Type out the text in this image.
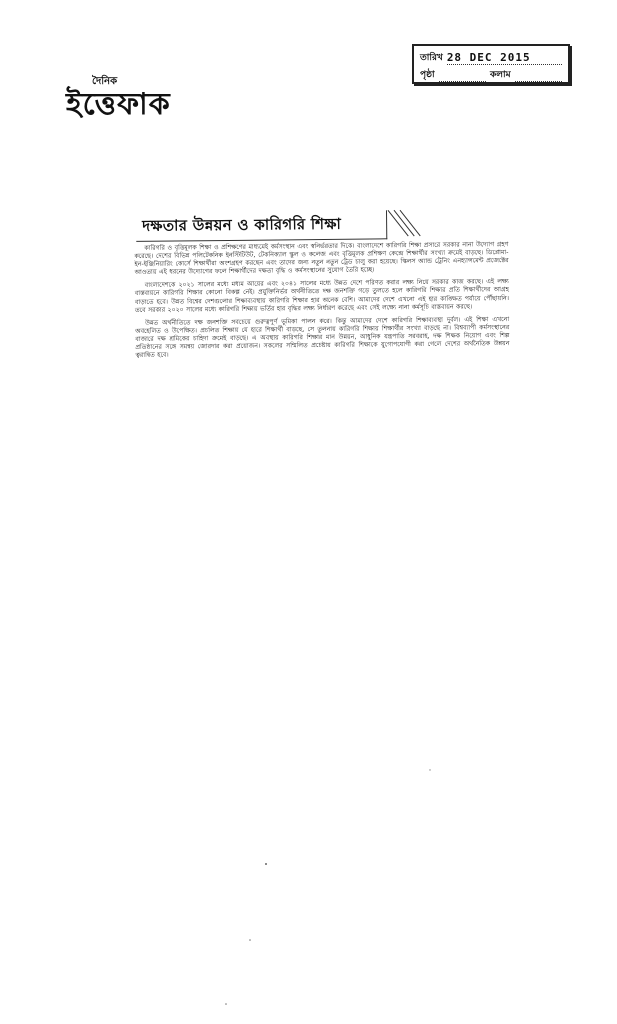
দৈনিক
ইত্তেফাক
তারিখ 28 DEC 2015
পৃষ্ঠা	কলাম
দক্ষতার উন্নয়ন ও কারিগরি শিক্ষা

কারিগরি ও বৃত্তিমূলক শিক্ষা ও প্রশিক্ষণের মাধ্যমেই কর্মসংস্থান এবং স্বনির্ভরতার দিকে। বাংলাদেশে কারিগরি শিক্ষা প্রসারে সরকার নানা উদ্যোগ গ্রহণ করেছে। দেশের বিভিন্ন পলিটেকনিক ইনস্টিটিউট, টেকনিক্যাল স্কুল ও কলেজ এবং বৃত্তিমূলক প্রশিক্ষণ কেন্দ্রে শিক্ষার্থীর সংখ্যা ক্রমেই বাড়ছে। ডিপ্লোমা-ইন-ইঞ্জিনিয়ারিং কোর্সে শিক্ষার্থীরা অংশগ্রহণ করছেন এবং তাদের জন্য নতুন নতুন ট্রেড চালু করা হয়েছে। স্কিলস অ্যান্ড ট্রেনিং এনহ্যান্সমেন্ট প্রজেক্টের আওতায় এই ধরনের উদ্যোগের ফলে শিক্ষার্থীদের দক্ষতা বৃদ্ধি ও কর্মসংস্থানের সুযোগ তৈরি হচ্ছে।

বাংলাদেশকে ২০২১ সালের মধ্যে মধ্যম আয়ের এবং ২০৪১ সালের মধ্যে উন্নত দেশে পরিণত করার লক্ষ্য নিয়ে সরকার কাজ করছে। এই লক্ষ্য বাস্তবায়নে কারিগরি শিক্ষার কোনো বিকল্প নেই। প্রযুক্তিনির্ভর অর্থনীতিতে দক্ষ জনশক্তি গড়ে তুলতে হলে কারিগরি শিক্ষার প্রতি শিক্ষার্থীদের আগ্রহ বাড়াতে হবে। উন্নত বিশ্বের দেশগুলোর শিক্ষাব্যবস্থায় কারিগরি শিক্ষার হার অনেক বেশি। আমাদের দেশে এখনো এই হার কাঙ্ক্ষিত পর্যায়ে পৌঁছায়নি। তবে সরকার ২০২০ সালের মধ্যে কারিগরি শিক্ষায় ভর্তির হার বৃদ্ধির লক্ষ্য নির্ধারণ করেছে এবং সেই লক্ষ্যে নানা কর্মসূচি বাস্তবায়ন করছে।

উন্নত অর্থনীতিতে দক্ষ জনশক্তি সবচেয়ে গুরুত্বপূর্ণ ভূমিকা পালন করে। কিন্তু আমাদের দেশে কারিগরি শিক্ষাব্যবস্থা দুর্বল। এই শিক্ষা এখনো অবহেলিত ও উপেক্ষিত। প্রচলিত শিক্ষায় যে হারে শিক্ষার্থী বাড়ছে, সে তুলনায় কারিগরি শিক্ষায় শিক্ষার্থীর সংখ্যা বাড়ছে না। বিশ্বব্যাপী কর্মসংস্থানের বাজারে দক্ষ শ্রমিকের চাহিদা ক্রমেই বাড়ছে। এ অবস্থায় কারিগরি শিক্ষার মান উন্নয়ন, আধুনিক যন্ত্রপাতি সরবরাহ, দক্ষ শিক্ষক নিয়োগ এবং শিল্প প্রতিষ্ঠানের সঙ্গে সমন্বয় জোরদার করা প্রয়োজন। সকলের সম্মিলিত প্রচেষ্টায় কারিগরি শিক্ষাকে যুগোপযোগী করা গেলে দেশের অর্থনৈতিক উন্নয়ন ত্বরান্বিত হবে।
